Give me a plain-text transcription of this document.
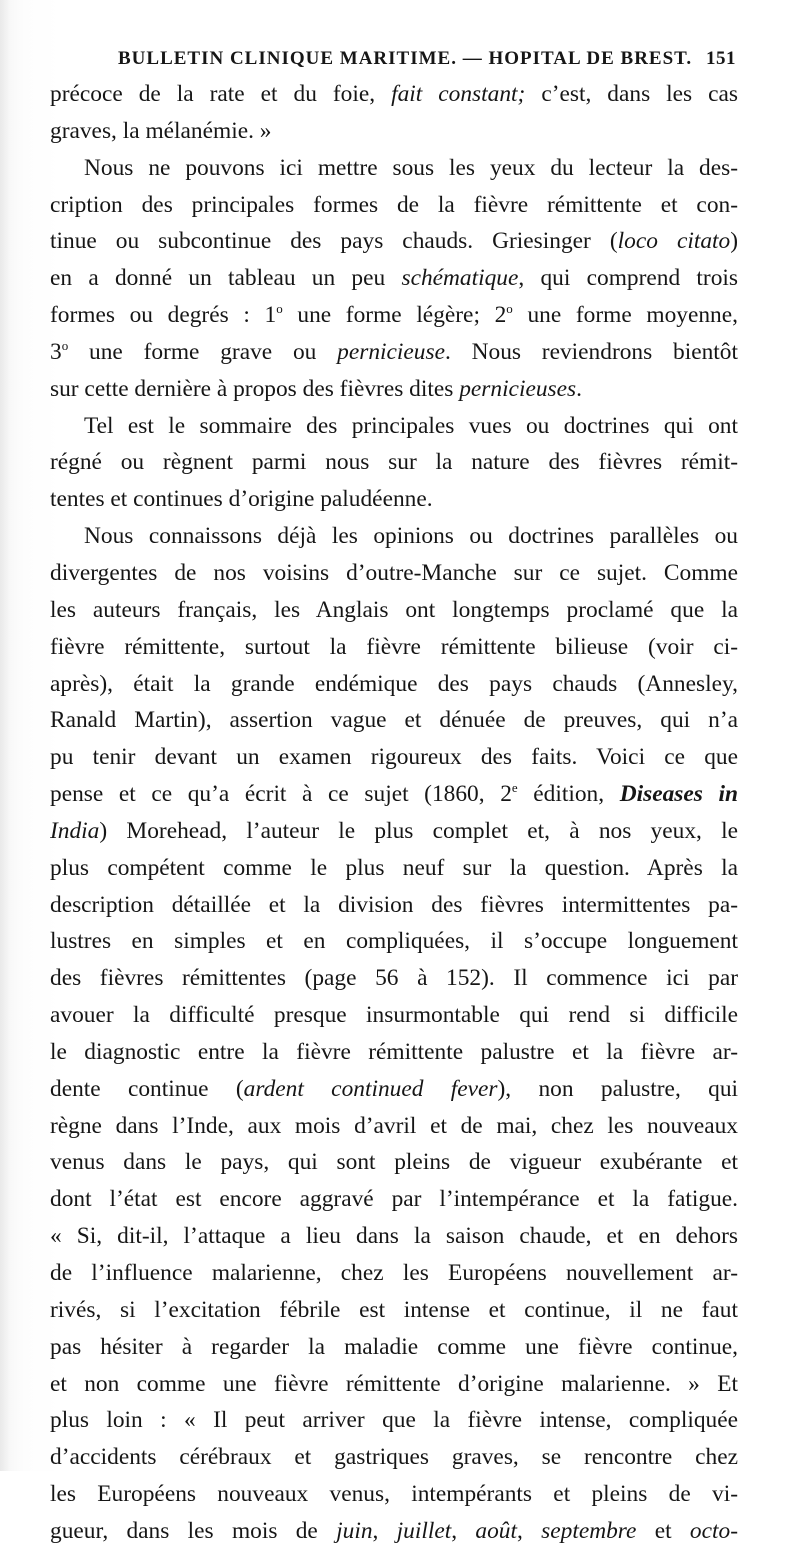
BULLETIN CLINIQUE MARITIME. — HOPITAL DE BREST. 151
précoce de la rate et du foie, fait constant; c’est, dans les cas
graves, la mélanémie. »
Nous ne pouvons ici mettre sous les yeux du lecteur la des-
cription des principales formes de la fièvre rémittente et con-
tinue ou subcontinue des pays chauds. Griesinger (loco citato)
en a donné un tableau un peu schématique, qui comprend trois
formes ou degrés : 1$^o$ une forme légère; 2$^o$ une forme moyenne,
3$^o$ une forme grave ou pernicieuse. Nous reviendrons bientôt
sur cette dernière à propos des fièvres dites pernicieuses.
Tel est le sommaire des principales vues ou doctrines qui ont
régné ou règnent parmi nous sur la nature des fièvres rémit-
tentes et continues d’origine paludéenne.
Nous connaissons déjà les opinions ou doctrines parallèles ou
divergentes de nos voisins d’outre-Manche sur ce sujet. Comme
les auteurs français, les Anglais ont longtemps proclamé que la
fièvre rémittente, surtout la fièvre rémittente bilieuse (voir ci-
après), était la grande endémique des pays chauds (Annesley,
Ranald Martin), assertion vague et dénuée de preuves, qui n’a
pu tenir devant un examen rigoureux des faits. Voici ce que
pense et ce qu’a écrit à ce sujet (1860, 2e édition, Diseases in
India) Morehead, l’auteur le plus complet et, à nos yeux, le
plus compétent comme le plus neuf sur la question. Après la
description détaillée et la division des fièvres intermittentes pa-
lustres en simples et en compliquées, il s’occupe longuement
des fièvres rémittentes (page 56 à 152). Il commence ici par
avouer la difficulté presque insurmontable qui rend si difficile
le diagnostic entre la fièvre rémittente palustre et la fièvre ar-
dente continue (ardent continued fever), non palustre, qui
règne dans l’Inde, aux mois d’avril et de mai, chez les nouveaux
venus dans le pays, qui sont pleins de vigueur exubérante et
dont l’état est encore aggravé par l’intempérance et la fatigue.
« Si, dit-il, l’attaque a lieu dans la saison chaude, et en dehors
de l’influence malarienne, chez les Européens nouvellement ar-
rivés, si l’excitation fébrile est intense et continue, il ne faut
pas hésiter à regarder la maladie comme une fièvre continue,
et non comme une fièvre rémittente d’origine malarienne. » Et
plus loin : « Il peut arriver que la fièvre intense, compliquée
d’accidents cérébraux et gastriques graves, se rencontre chez
les Européens nouveaux venus, intempérants et pleins de vi-
gueur, dans les mois de juin, juillet, août, septembre et octo-
